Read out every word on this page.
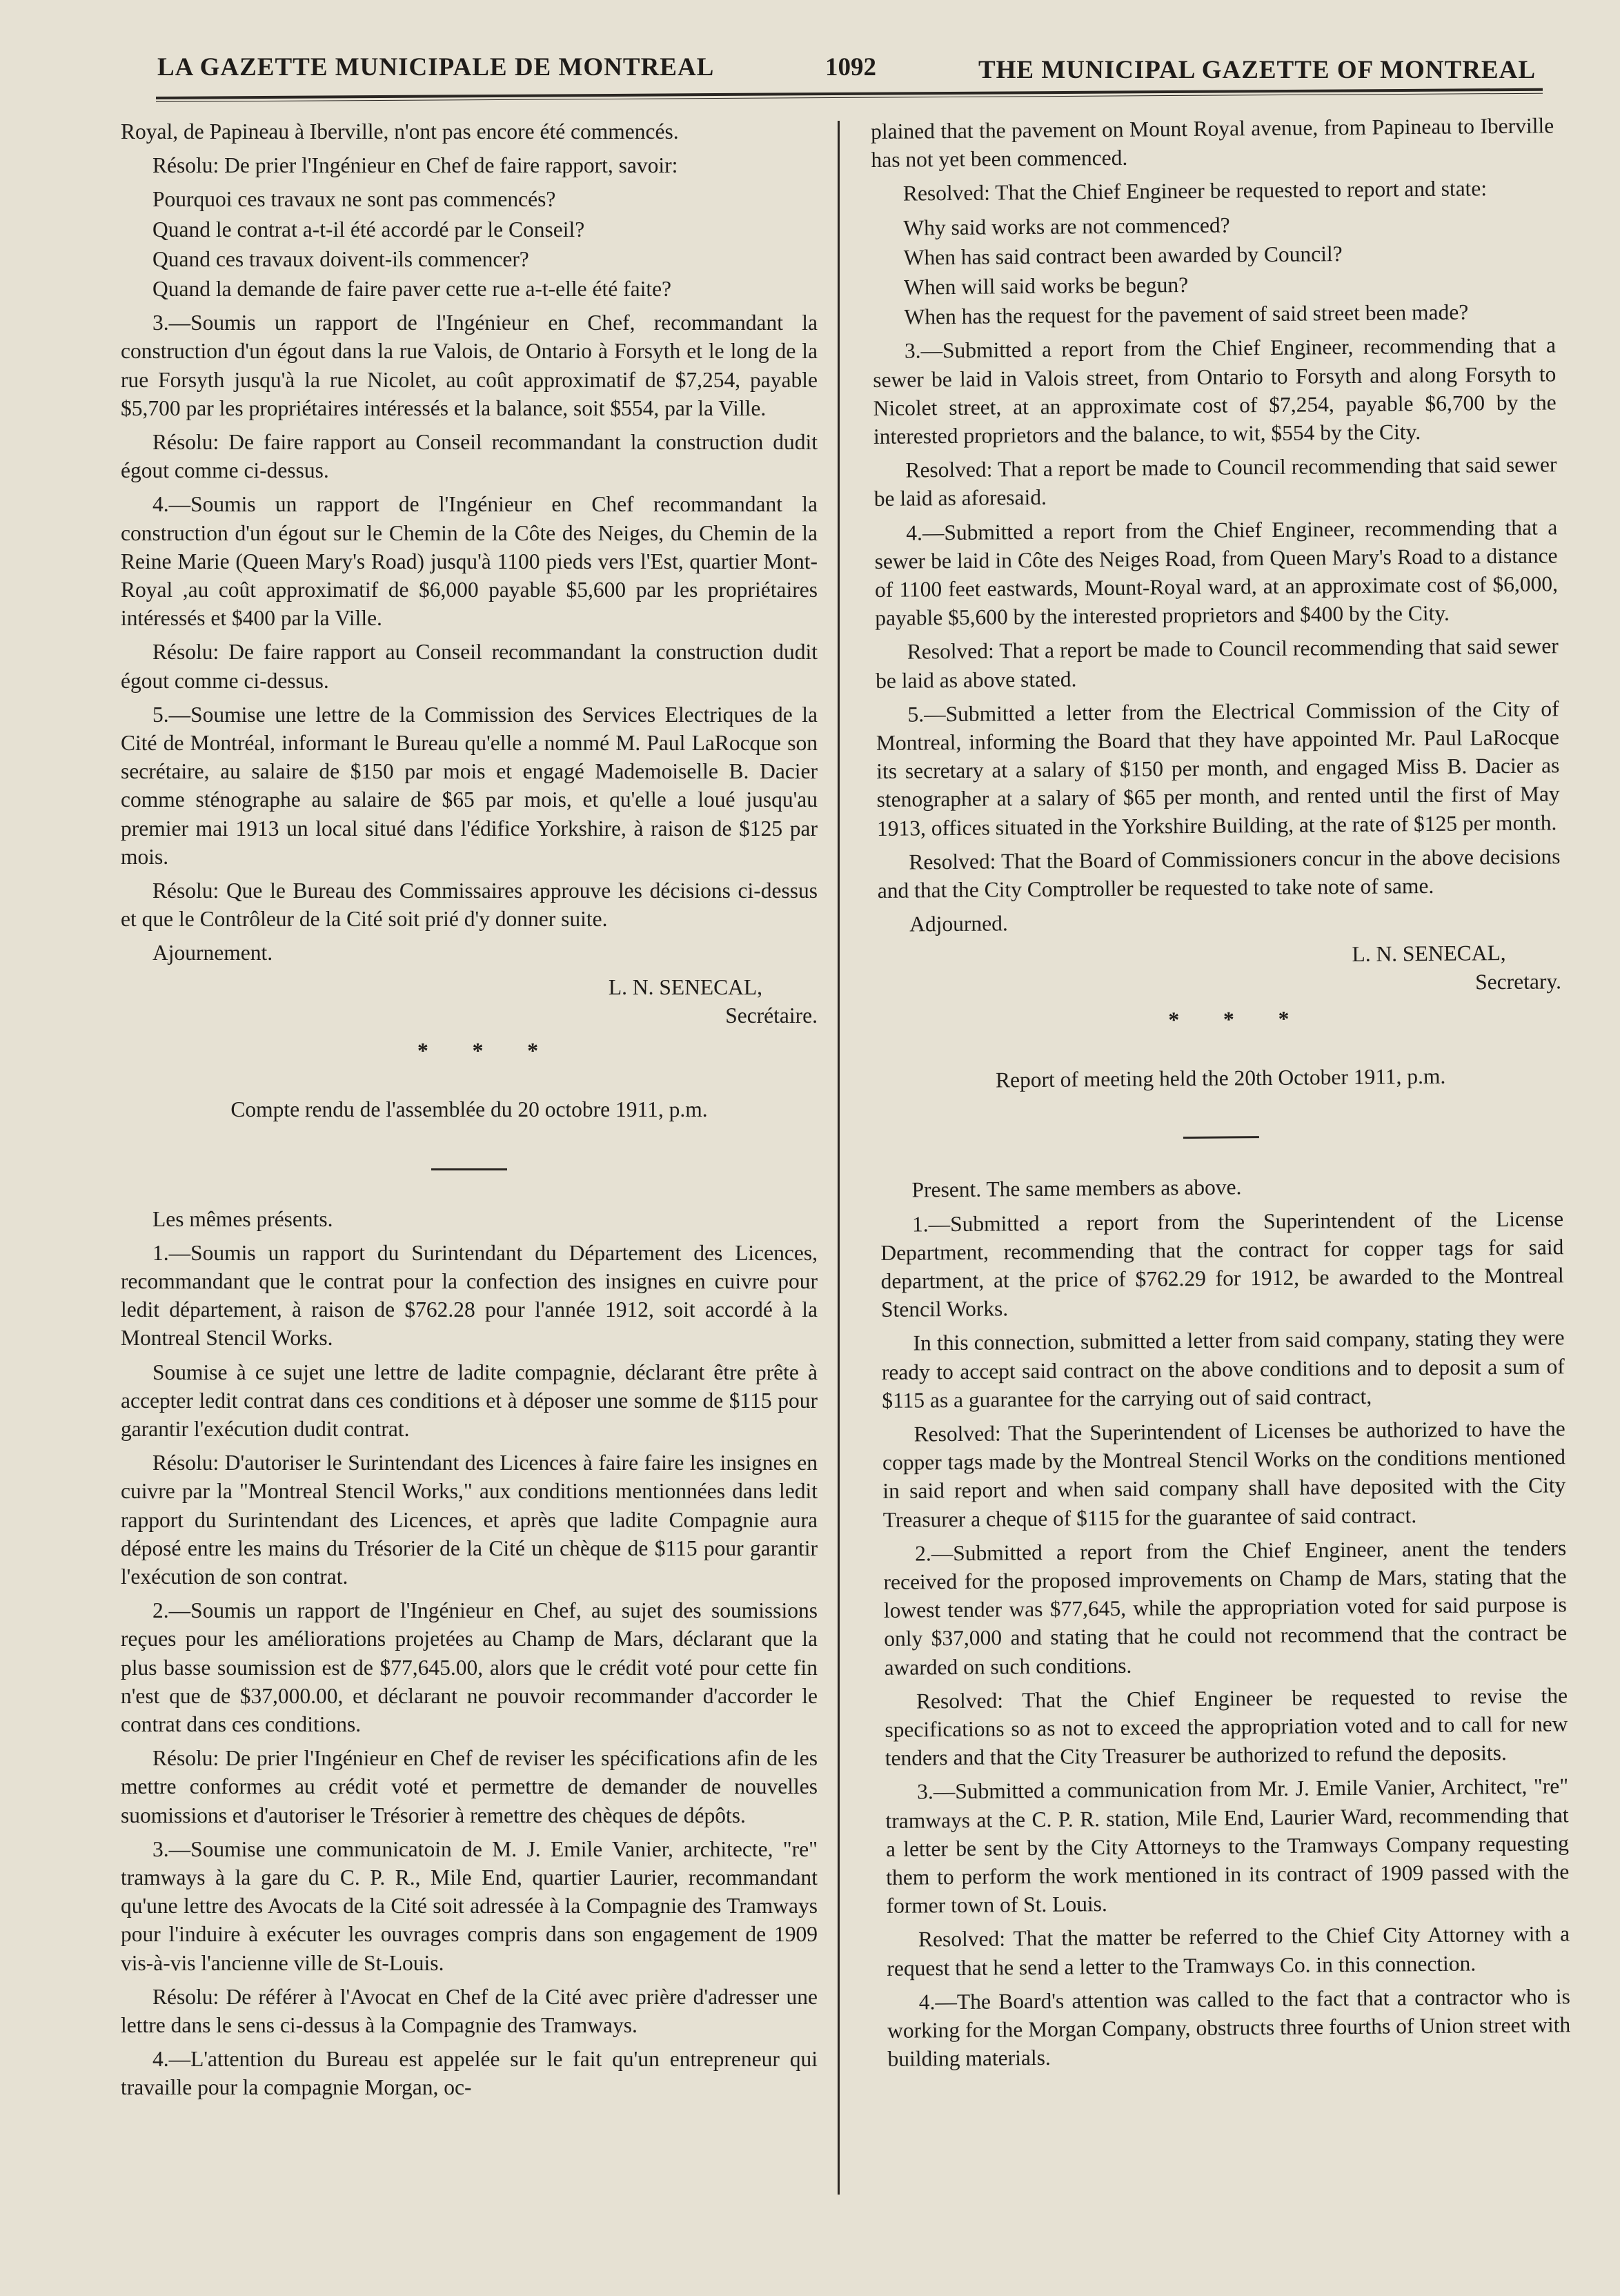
LA GAZETTE MUNICIPALE DE MONTREAL	1092	THE MUNICIPAL GAZETTE OF MONTREAL

Royal, de Papineau à Iberville, n'ont pas encore été commencés.

Résolu: De prier l'Ingénieur en Chef de faire rapport, savoir:

Pourquoi ces travaux ne sont pas commencés?

Quand le contrat a-t-il été accordé par le Conseil?

Quand ces travaux doivent-ils commencer?

Quand la demande de faire paver cette rue a-t-elle été faite?

3.—Soumis un rapport de l'Ingénieur en Chef, recommandant la construction d'un égout dans la rue Valois, de Ontario à Forsyth et le long de la rue Forsyth jusqu'à la rue Nicolet, au coût approximatif de $7,254, payable $5,700 par les propriétaires intéressés et la balance, soit $554, par la Ville.

Résolu: De faire rapport au Conseil recommandant la construction dudit égout comme ci-dessus.

4.—Soumis un rapport de l'Ingénieur en Chef recommandant la construction d'un égout sur le Chemin de la Côte des Neiges, du Chemin de la Reine Marie (Queen Mary's Road) jusqu'à 1100 pieds vers l'Est, quartier Mont-Royal ,au coût approximatif de $6,000 payable $5,600 par les propriétaires intéressés et $400 par la Ville.

Résolu: De faire rapport au Conseil recommandant la construction dudit égout comme ci-dessus.

5.—Soumise une lettre de la Commission des Services Electriques de la Cité de Montréal, informant le Bureau qu'elle a nommé M. Paul LaRocque son secrétaire, au salaire de $150 par mois et engagé Mademoiselle B. Dacier comme sténographe au salaire de $65 par mois, et qu'elle a loué jusqu'au premier mai 1913 un local situé dans l'édifice Yorkshire, à raison de $125 par mois.

Résolu: Que le Bureau des Commissaires approuve les décisions ci-dessus et que le Contrôleur de la Cité soit prié d'y donner suite.

Ajournement.

L. N. SENECAL,

Secrétaire.

* * *

Compte rendu de l'assemblée du 20 octobre 1911, p.m.

Les mêmes présents.

1.—Soumis un rapport du Surintendant du Département des Licences, recommandant que le contrat pour la confection des insignes en cuivre pour ledit département, à raison de $762.28 pour l'année 1912, soit accordé à la Montreal Stencil Works.

Soumise à ce sujet une lettre de ladite compagnie, déclarant être prête à accepter ledit contrat dans ces conditions et à déposer une somme de $115 pour garantir l'exécution dudit contrat.

Résolu: D'autoriser le Surintendant des Licences à faire faire les insignes en cuivre par la "Montreal Stencil Works," aux conditions mentionnées dans ledit rapport du Surintendant des Licences, et après que ladite Compagnie aura déposé entre les mains du Trésorier de la Cité un chèque de $115 pour garantir l'exécution de son contrat.

2.—Soumis un rapport de l'Ingénieur en Chef, au sujet des soumissions reçues pour les améliorations projetées au Champ de Mars, déclarant que la plus basse soumission est de $77,645.00, alors que le crédit voté pour cette fin n'est que de $37,000.00, et déclarant ne pouvoir recommander d'accorder le contrat dans ces conditions.

Résolu: De prier l'Ingénieur en Chef de reviser les spécifications afin de les mettre conformes au crédit voté et permettre de demander de nouvelles suomissions et d'autoriser le Trésorier à remettre des chèques de dépôts.

3.—Soumise une communicatoin de M. J. Emile Vanier, architecte, "re" tramways à la gare du C. P. R., Mile End, quartier Laurier, recommandant qu'une lettre des Avocats de la Cité soit adressée à la Compagnie des Tramways pour l'induire à exécuter les ouvrages compris dans son engagement de 1909 vis-à-vis l'ancienne ville de St-Louis.

Résolu: De référer à l'Avocat en Chef de la Cité avec prière d'adresser une lettre dans le sens ci-dessus à la Compagnie des Tramways.

4.—L'attention du Bureau est appelée sur le fait qu'un entrepreneur qui travaille pour la compagnie Morgan, oc-

plained that the pavement on Mount Royal avenue, from Papineau to Iberville has not yet been commenced.

Resolved: That the Chief Engineer be requested to report and state:

Why said works are not commenced?

When has said contract been awarded by Council?

When will said works be begun?

When has the request for the pavement of said street been made?

3.—Submitted a report from the Chief Engineer, recommending that a sewer be laid in Valois street, from Ontario to Forsyth and along Forsyth to Nicolet street, at an approximate cost of $7,254, payable $6,700 by the interested proprietors and the balance, to wit, $554 by the City.

Resolved: That a report be made to Council recommending that said sewer be laid as aforesaid.

4.—Submitted a report from the Chief Engineer, recommending that a sewer be laid in Côte des Neiges Road, from Queen Mary's Road to a distance of 1100 feet eastwards, Mount-Royal ward, at an approximate cost of $6,000, payable $5,600 by the interested proprietors and $400 by the City.

Resolved: That a report be made to Council recommending that said sewer be laid as above stated.

5.—Submitted a letter from the Electrical Commission of the City of Montreal, informing the Board that they have appointed Mr. Paul LaRocque its secretary at a salary of $150 per month, and engaged Miss B. Dacier as stenographer at a salary of $65 per month, and rented until the first of May 1913, offices situated in the Yorkshire Building, at the rate of $125 per month.

Resolved: That the Board of Commissioners concur in the above decisions and that the City Comptroller be requested to take note of same.

Adjourned.

L. N. SENECAL,

Secretary.

* * *

Report of meeting held the 20th October 1911, p.m.

Present. The same members as above.

1.—Submitted a report from the Superintendent of the License Department, recommending that the contract for copper tags for said department, at the price of $762.29 for 1912, be awarded to the Montreal Stencil Works.

In this connection, submitted a letter from said company, stating they were ready to accept said contract on the above conditions and to deposit a sum of $115 as a guarantee for the carrying out of said contract,

Resolved: That the Superintendent of Licenses be authorized to have the copper tags made by the Montreal Stencil Works on the conditions mentioned in said report and when said company shall have deposited with the City Treasurer a cheque of $115 for the guarantee of said contract.

2.—Submitted a report from the Chief Engineer, anent the tenders received for the proposed improvements on Champ de Mars, stating that the lowest tender was $77,645, while the appropriation voted for said purpose is only $37,000 and stating that he could not recommend that the contract be awarded on such conditions.

Resolved: That the Chief Engineer be requested to revise the specifications so as not to exceed the appropriation voted and to call for new tenders and that the City Treasurer be authorized to refund the deposits.

3.—Submitted a communication from Mr. J. Emile Vanier, Architect, "re" tramways at the C. P. R. station, Mile End, Laurier Ward, recommending that a letter be sent by the City Attorneys to the Tramways Company requesting them to perform the work mentioned in its contract of 1909 passed with the former town of St. Louis.

Resolved: That the matter be referred to the Chief City Attorney with a request that he send a letter to the Tramways Co. in this connection.

4.—The Board's attention was called to the fact that a contractor who is working for the Morgan Company, obstructs three fourths of Union street with building materials.
